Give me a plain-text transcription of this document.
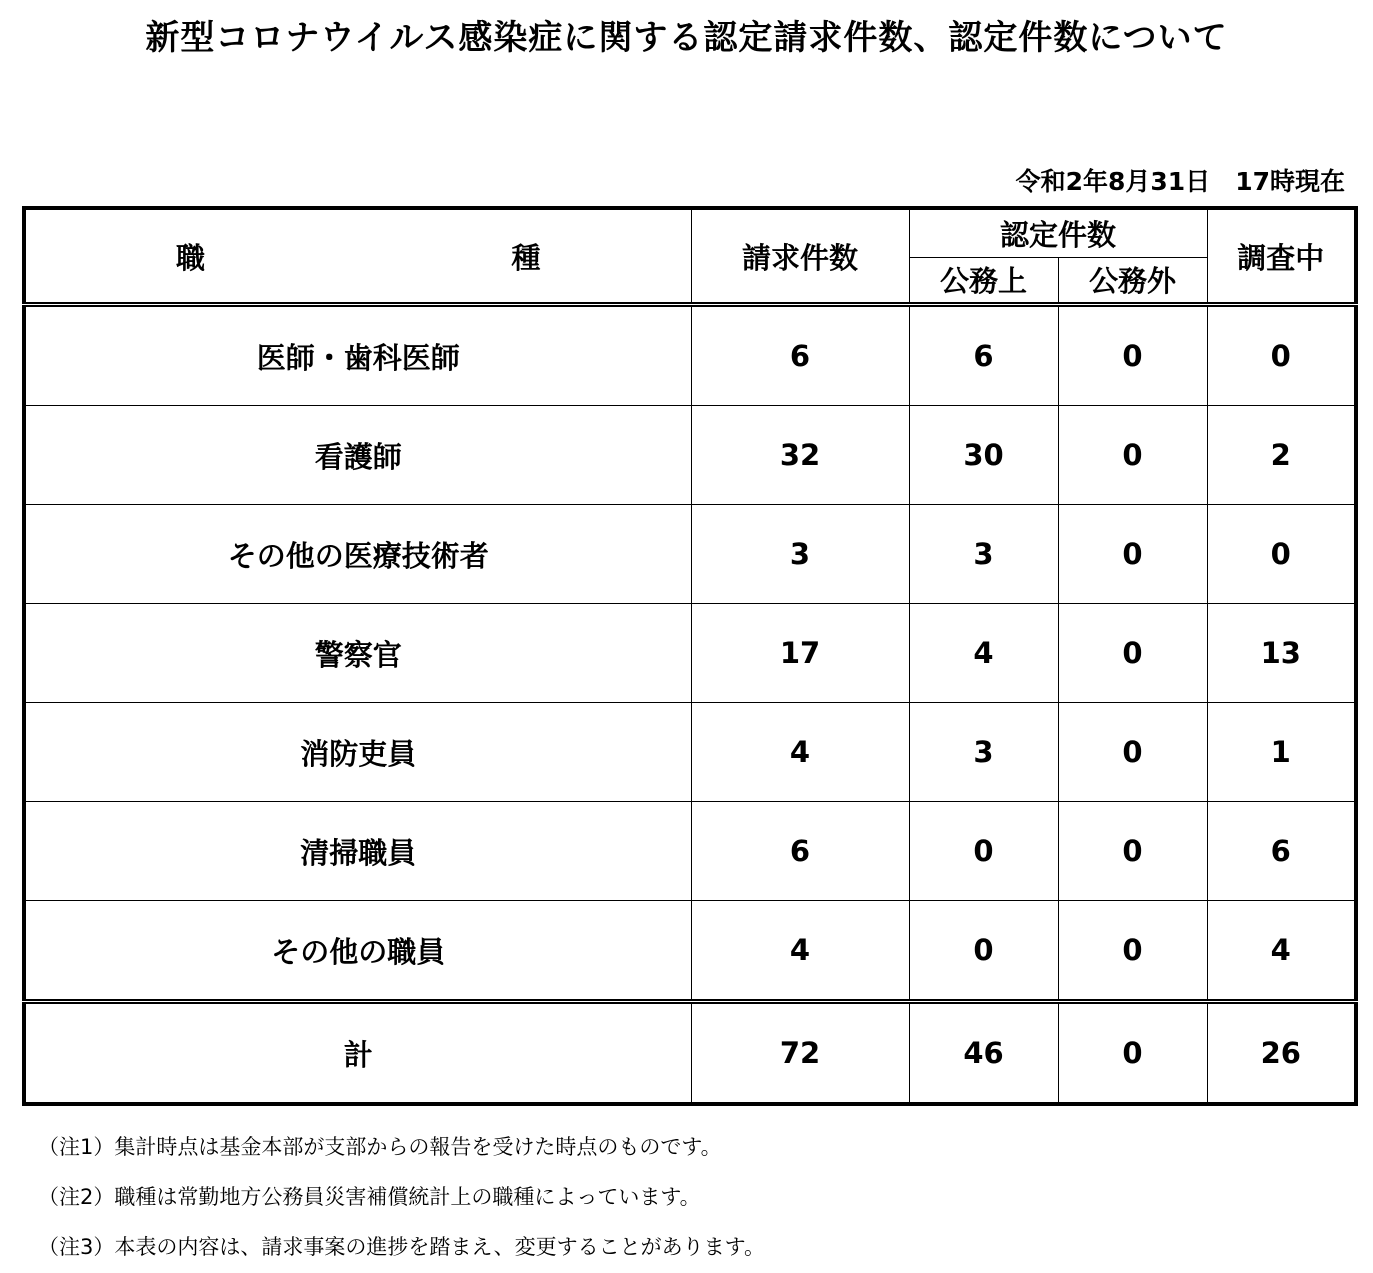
新型コロナウイルス感染症に関する認定請求件数、認定件数について
令和2年8月31日　17時現在
職 種	請求件数	認定件数		調査中
		公務上	公務外	
医師・歯科医師	6	6	0	0
看護師	32	30	0	2
その他の医療技術者	3	3	0	0
警察官	17	4	0	13
消防吏員	4	3	0	1
清掃職員	6	0	0	6
その他の職員	4	0	0	4
計	72	46	0	26
（注1）集計時点は基金本部が支部からの報告を受けた時点のものです。
（注2）職種は常勤地方公務員災害補償統計上の職種によっています。
（注3）本表の内容は、請求事案の進捗を踏まえ、変更することがあります。
